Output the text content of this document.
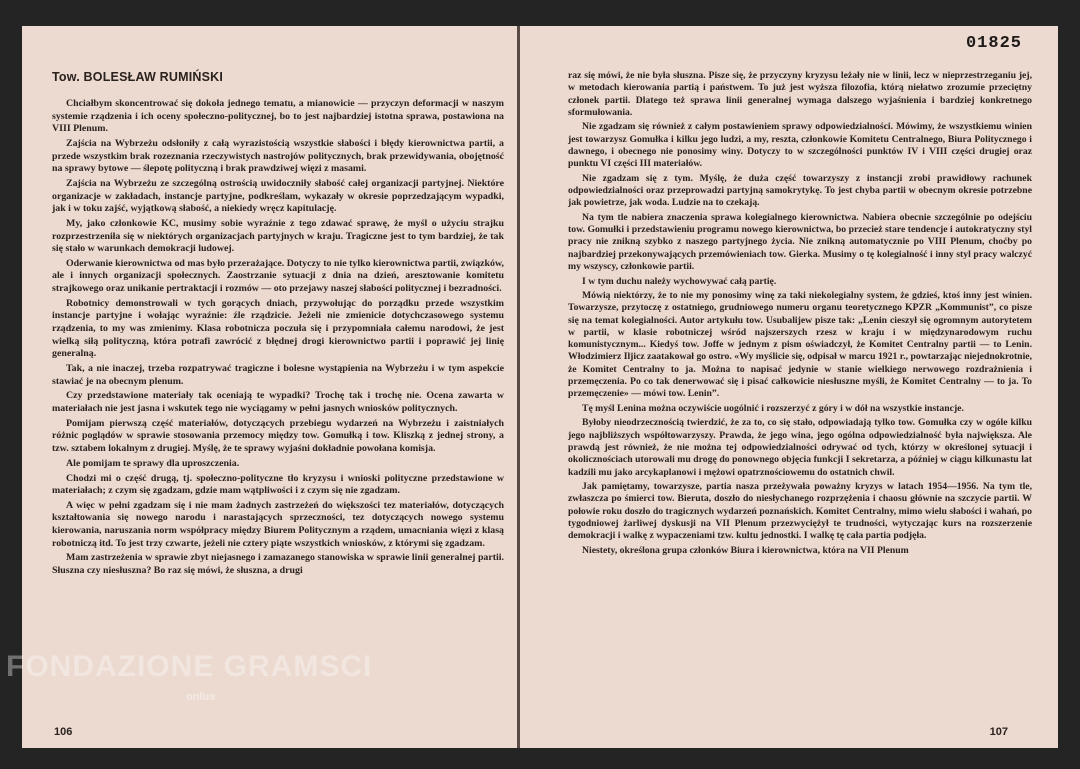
Tow. BOLESŁAW RUMIŃSKI

Chciałbym skoncentrować się dokoła jednego tematu, a mianowicie — przyczyn deformacji w naszym systemie rządzenia i ich oceny społeczno-politycznej, bo to jest najbardziej istotna sprawa, postawiona na VIII Plenum.

Zajścia na Wybrzeżu odsłoniły z całą wyrazistością wszystkie słabości i błędy kierownictwa partii, a przede wszystkim brak rozeznania rzeczywistych nastrojów politycznych, brak przewidywania, obojętność na sprawy bytowe — ślepotę polityczną i brak prawdziwej więzi z masami.

Zajścia na Wybrzeżu ze szczególną ostrością uwidoczniły słabość całej organizacji partyjnej. Niektóre organizacje w zakładach, instancje partyjne, podkreślam, wykazały w okresie poprzedzającym wypadki, jak i w toku zajść, wyjątkową słabość, a niekiedy wręcz kapitulację.

My, jako członkowie KC, musimy sobie wyraźnie z tego zdawać sprawę, że myśl o użyciu strajku rozprzestrzeniła się w niektórych organizacjach partyjnych w kraju. Tragiczne jest to tym bardziej, że tak się stało w warunkach demokracji ludowej.

Oderwanie kierownictwa od mas było przerażające. Dotyczy to nie tylko kierownictwa partii, związków, ale i innych organizacji społecznych. Zaostrzanie sytuacji z dnia na dzień, aresztowanie komitetu strajkowego oraz unikanie pertraktacji i rozmów — oto przejawy naszej słabości politycznej i bezradności.

Robotnicy demonstrowali w tych gorących dniach, przywołując do porządku przede wszystkim instancje partyjne i wołając wyraźnie: źle rządzicie. Jeżeli nie zmienicie dotychczasowego systemu rządzenia, to my was zmienimy. Klasa robotnicza poczuła się i przypomniała całemu narodowi, że jest wielką siłą polityczną, która potrafi zawrócić z błędnej drogi kierownictwo partii i poprawić jej linię generalną.

Tak, a nie inaczej, trzeba rozpatrywać tragiczne i bolesne wystąpienia na Wybrzeżu i w tym aspekcie stawiać je na obecnym plenum.

Czy przedstawione materiały tak oceniają te wypadki? Trochę tak i trochę nie. Ocena zawarta w materiałach nie jest jasna i wskutek tego nie wyciągamy w pełni jasnych wniosków politycznych.

Pomijam pierwszą część materiałów, dotyczących przebiegu wydarzeń na Wybrzeżu i zaistniałych różnic poglądów w sprawie stosowania przemocy między tow. Gomułką i tow. Kliszką z jednej strony, a tzw. sztabem lokalnym z drugiej. Myślę, że te sprawy wyjaśni dokładnie powołana komisja.

Ale pomijam te sprawy dla uproszczenia.

Chodzi mi o część drugą, tj. społeczno-polityczne tło kryzysu i wnioski polityczne przedstawione w materiałach; z czym się zgadzam, gdzie mam wątpliwości i z czym się nie zgadzam.

A więc w pełni zgadzam się i nie mam żadnych zastrzeżeń do większości tez materiałów, dotyczących kształtowania się nowego narodu i narastających sprzeczności, tez dotyczących nowego systemu kierowania, naruszania norm współpracy między Biurem Politycznym a rządem, umacniania więzi z klasą robotniczą itd. To jest trzy czwarte, jeżeli nie cztery piąte wszystkich wniosków, z którymi się zgadzam.

Mam zastrzeżenia w sprawie zbyt niejasnego i zamazanego stanowiska w sprawie linii generalnej partii. Słuszna czy niesłuszna? Bo raz się mówi, że słuszna, a drugi

106
01825

raz się mówi, że nie była słuszna. Pisze się, że przyczyny kryzysu leżały nie w linii, lecz w nieprzestrzeganiu jej, w metodach kierowania partią i państwem. To już jest wyższa filozofia, którą niełatwo zrozumie przeciętny członek partii. Dlatego też sprawa linii generalnej wymaga dalszego wyjaśnienia i bardziej konkretnego sformułowania.

Nie zgadzam się również z całym postawieniem sprawy odpowiedzialności. Mówimy, że wszystkiemu winien jest towarzysz Gomułka i kilku jego ludzi, a my, reszta, członkowie Komitetu Centralnego, Biura Politycznego i dawnego, i obecnego nie ponosimy winy. Dotyczy to w szczególności punktów IV i VIII części drugiej oraz punktu VI części III materiałów.

Nie zgadzam się z tym. Myślę, że duża część towarzyszy z instancji zrobi prawidłowy rachunek odpowiedzialności oraz przeprowadzi partyjną samokrytykę. To jest chyba partii w obecnym okresie potrzebne jak powietrze, jak woda. Ludzie na to czekają.

Na tym tle nabiera znaczenia sprawa kolegialnego kierownictwa. Nabiera obecnie szczególnie po odejściu tow. Gomułki i przedstawieniu programu nowego kierownictwa, bo przecież stare tendencje i autokratyczny styl pracy nie znikną szybko z naszego partyjnego życia. Nie znikną automatycznie po VIII Plenum, choćby po najbardziej przekonywających przemówieniach tow. Gierka. Musimy o tę kolegialność i inny styl pracy walczyć my wszyscy, członkowie partii.

I w tym duchu należy wychowywać całą partię.

Mówią niektórzy, że to nie my ponosimy winę za taki niekolegialny system, że gdzieś, ktoś inny jest winien. Towarzysze, przytoczę z ostatniego, grudniowego numeru organu teoretycznego KPZR „Kommunist”, co pisze się na temat kolegialności. Autor artykułu tow. Usubalijew pisze tak: „Lenin cieszył się ogromnym autorytetem w partii, w klasie robotniczej wśród najszerszych rzesz w kraju i w międzynarodowym ruchu komunistycznym... Kiedyś tow. Joffe w jednym z pism oświadczył, że Komitet Centralny partii — to Lenin. Włodzimierz Iljicz zaatakował go ostro. «Wy myślicie się, odpisał w marcu 1921 r., powtarzając niejednokrotnie, że Komitet Centralny to ja. Można to napisać jedynie w stanie wielkiego nerwowego rozdrażnienia i przemęczenia. Po co tak denerwować się i pisać całkowicie niesłuszne myśli, że Komitet Centralny — to ja. To przemęczenie» — mówi tow. Lenin”.

Tę myśl Lenina można oczywiście uogólnić i rozszerzyć z góry i w dół na wszystkie instancje.

Byłoby nieodrzecznością twierdzić, że za to, co się stało, odpowiadają tylko tow. Gomułka czy w ogóle kilku jego najbliższych współtowarzyszy. Prawda, że jego wina, jego ogólna odpowiedzialność była największa. Ale prawdą jest również, że nie można tej odpowiedzialności odrywać od tych, którzy w określonej sytuacji i okolicznościach utorowali mu drogę do ponownego objęcia funkcji I sekretarza, a później w ciągu kilkunastu lat kadzili mu jako arcykaplanowi i mężowi opatrznościowemu do ostatnich chwil.

Jak pamiętamy, towarzysze, partia nasza przeżywała poważny kryzys w latach 1954—1956. Na tym tle, zwłaszcza po śmierci tow. Bieruta, doszło do niesłychanego rozprzężenia i chaosu głównie na szczycie partii. W połowie roku doszło do tragicznych wydarzeń poznańskich. Komitet Centralny, mimo wielu słabości i wahań, po tygodniowej żarliwej dyskusji na VII Plenum przezwyciężył te trudności, wytyczając kurs na rozszerzenie demokracji i walkę z wypaczeniami tzw. kultu jednostki. I walkę tę cała partia podjęła.

Niestety, określona grupa członków Biura i kierownictwa, która na VII Plenum

107
FONDAZIONE GRAMSCI
onlus
